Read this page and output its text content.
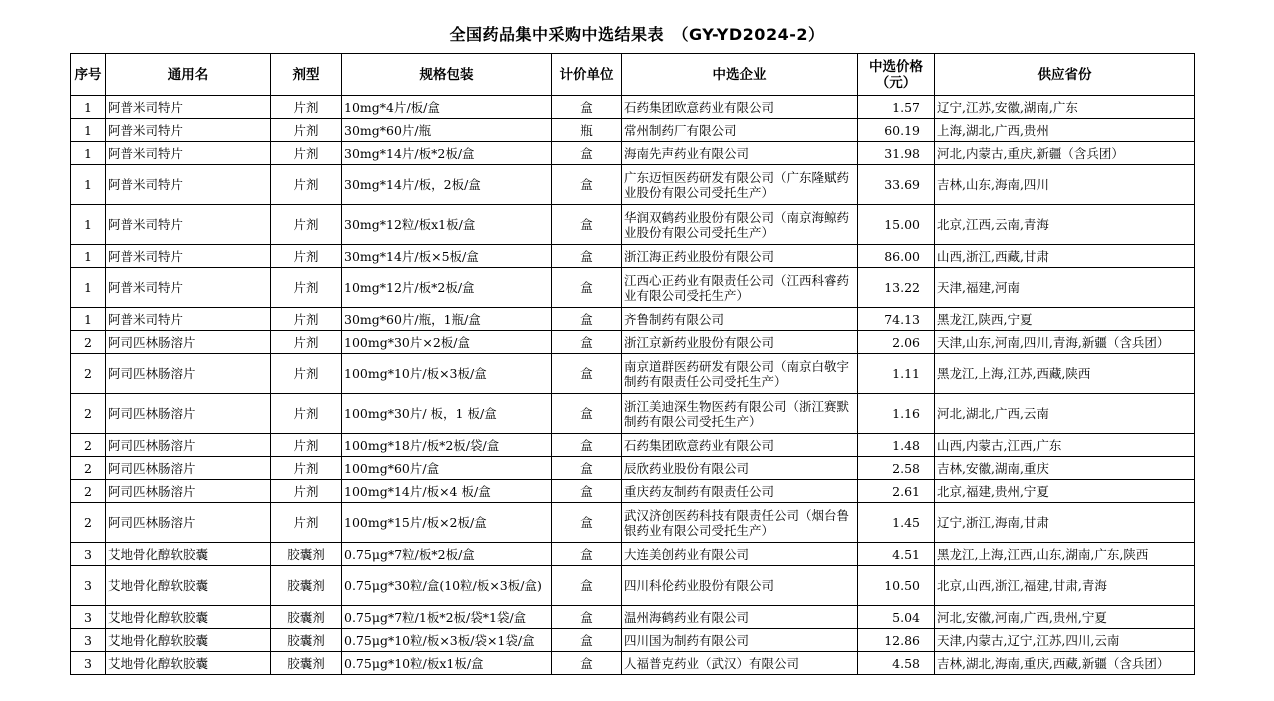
全国药品集中采购中选结果表　（GY-YD2024-2）
序号	通用名	剂型	规格包装	计价单位	中选企业	中选价格（元）	供应省份
1	阿普米司特片	片剂	10mg*4片/板/盒	盒	石药集团欧意药业有限公司	1.57	辽宁,江苏,安徽,湖南,广东
1	阿普米司特片	片剂	30mg*60片/瓶	瓶	常州制药厂有限公司	60.19	上海,湖北,广西,贵州
1	阿普米司特片	片剂	30mg*14片/板*2板/盒	盒	海南先声药业有限公司	31.98	河北,内蒙古,重庆,新疆（含兵团）
1	阿普米司特片	片剂	30mg*14片/板，2板/盒	盒	广东迈恒医药研发有限公司（广东隆赋药业股份有限公司受托生产）	33.69	吉林,山东,海南,四川
1	阿普米司特片	片剂	30mg*12粒/板x1板/盒	盒	华润双鹤药业股份有限公司（南京海鲸药业股份有限公司受托生产）	15.00	北京,江西,云南,青海
1	阿普米司特片	片剂	30mg*14片/板×5板/盒	盒	浙江海正药业股份有限公司	86.00	山西,浙江,西藏,甘肃
1	阿普米司特片	片剂	10mg*12片/板*2板/盒	盒	江西心正药业有限责任公司（江西科睿药业有限公司受托生产）	13.22	天津,福建,河南
1	阿普米司特片	片剂	30mg*60片/瓶，1瓶/盒	盒	齐鲁制药有限公司	74.13	黑龙江,陕西,宁夏
2	阿司匹林肠溶片	片剂	100mg*30片×2板/盒	盒	浙江京新药业股份有限公司	2.06	天津,山东,河南,四川,青海,新疆（含兵团）
2	阿司匹林肠溶片	片剂	100mg*10片/板×3板/盒	盒	南京道群医药研发有限公司（南京白敬宇制药有限责任公司受托生产）	1.11	黑龙江,上海,江苏,西藏,陕西
2	阿司匹林肠溶片	片剂	100mg*30片/ 板，1 板/盒	盒	浙江美迪深生物医药有限公司（浙江赛默制药有限公司受托生产）	1.16	河北,湖北,广西,云南
2	阿司匹林肠溶片	片剂	100mg*18片/板*2板/袋/盒	盒	石药集团欧意药业有限公司	1.48	山西,内蒙古,江西,广东
2	阿司匹林肠溶片	片剂	100mg*60片/盒	盒	辰欣药业股份有限公司	2.58	吉林,安徽,湖南,重庆
2	阿司匹林肠溶片	片剂	100mg*14片/板×4 板/盒	盒	重庆药友制药有限责任公司	2.61	北京,福建,贵州,宁夏
2	阿司匹林肠溶片	片剂	100mg*15片/板×2板/盒	盒	武汉济创医药科技有限责任公司（烟台鲁银药业有限公司受托生产）	1.45	辽宁,浙江,海南,甘肃
3	艾地骨化醇软胶囊	胶囊剂	0.75μg*7粒/板*2板/盒	盒	大连美创药业有限公司	4.51	黑龙江,上海,江西,山东,湖南,广东,陕西
3	艾地骨化醇软胶囊	胶囊剂	0.75μg*30粒/盒(10粒/板×3板/盒)	盒	四川科伦药业股份有限公司	10.50	北京,山西,浙江,福建,甘肃,青海
3	艾地骨化醇软胶囊	胶囊剂	0.75μg*7粒/1板*2板/袋*1袋/盒	盒	温州海鹤药业有限公司	5.04	河北,安徽,河南,广西,贵州,宁夏
3	艾地骨化醇软胶囊	胶囊剂	0.75μg*10粒/板×3板/袋×1袋/盒	盒	四川国为制药有限公司	12.86	天津,内蒙古,辽宁,江苏,四川,云南
3	艾地骨化醇软胶囊	胶囊剂	0.75μg*10粒/板x1板/盒	盒	人福普克药业（武汉）有限公司	4.58	吉林,湖北,海南,重庆,西藏,新疆（含兵团）
